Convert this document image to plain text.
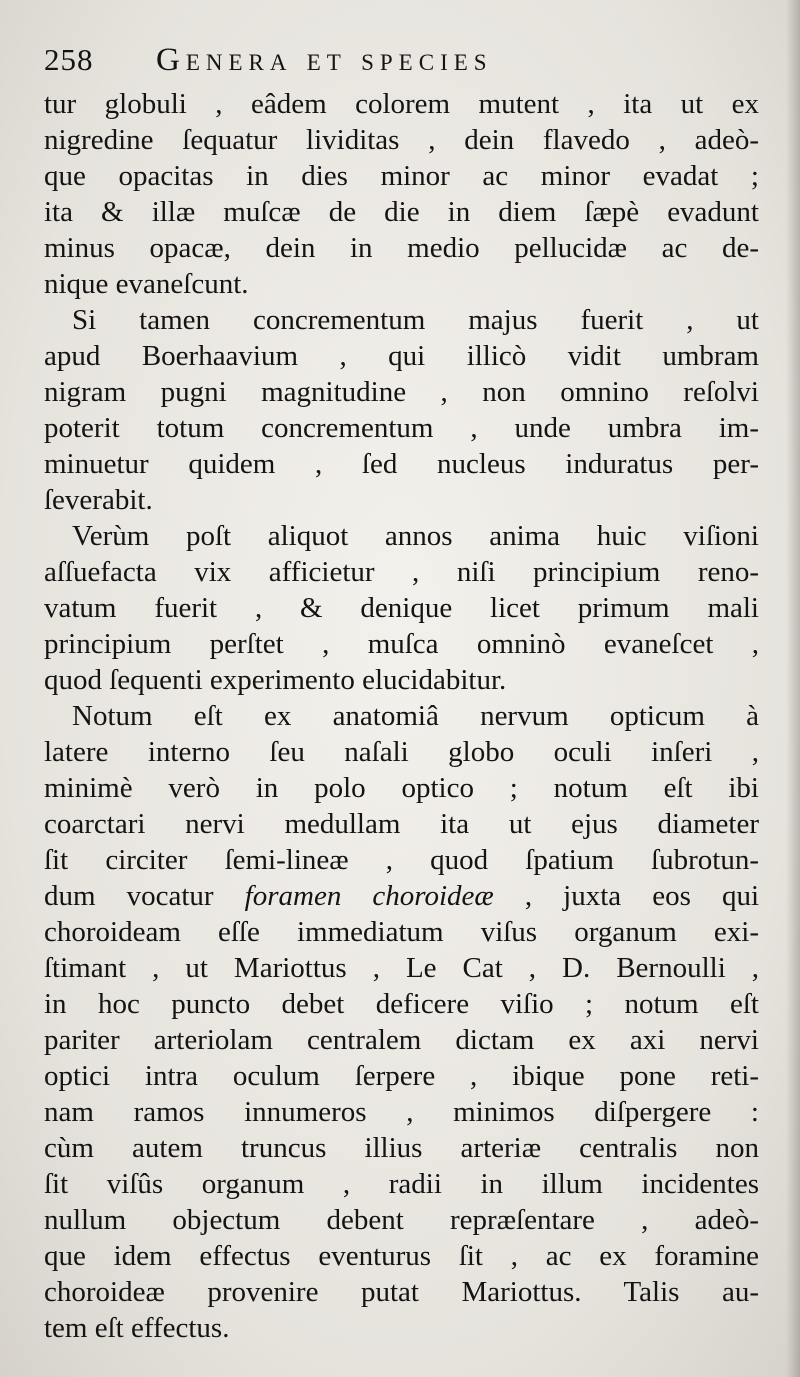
258 Genera et species
tur globuli , eâdem colorem mutent , ita ut ex
nigredine ſequatur lividitas , dein flavedo , adeò-
que opacitas in dies minor ac minor evadat ;
ita & illæ muſcæ de die in diem ſæpè evadunt
minus opacæ, dein in medio pellucidæ ac de-
nique evaneſcunt.
Si tamen concrementum majus fuerit , ut
apud Boerhaavium , qui illicò vidit umbram
nigram pugni magnitudine , non omnino reſolvi
poterit totum concrementum , unde umbra im-
minuetur quidem , ſed nucleus induratus per-
ſeverabit.
Verùm poſt aliquot annos anima huic viſioni
aſſuefacta vix afficietur , niſi principium reno-
vatum fuerit , & denique licet primum mali
principium perſtet , muſca omninò evaneſcet ,
quod ſequenti experimento elucidabitur.
Notum eſt ex anatomiâ nervum opticum à
latere interno ſeu naſali globo oculi inſeri ,
minimè verò in polo optico ; notum eſt ibi
coarctari nervi medullam ita ut ejus diameter
ſit circiter ſemi-lineæ , quod ſpatium ſubrotun-
dum vocatur foramen choroideæ , juxta eos qui
choroideam eſſe immediatum viſus organum exi-
ſtimant , ut Mariottus , Le Cat , D. Bernoulli ,
in hoc puncto debet deficere viſio ; notum eſt
pariter arteriolam centralem dictam ex axi nervi
optici intra oculum ſerpere , ibique pone reti-
nam ramos innumeros , minimos diſpergere :
cùm autem truncus illius arteriæ centralis non
ſit viſûs organum , radii in illum incidentes
nullum objectum debent repræſentare , adeò-
que idem effectus eventurus ſit , ac ex foramine
choroideæ provenire putat Mariottus. Talis au-
tem eſt effectus.
